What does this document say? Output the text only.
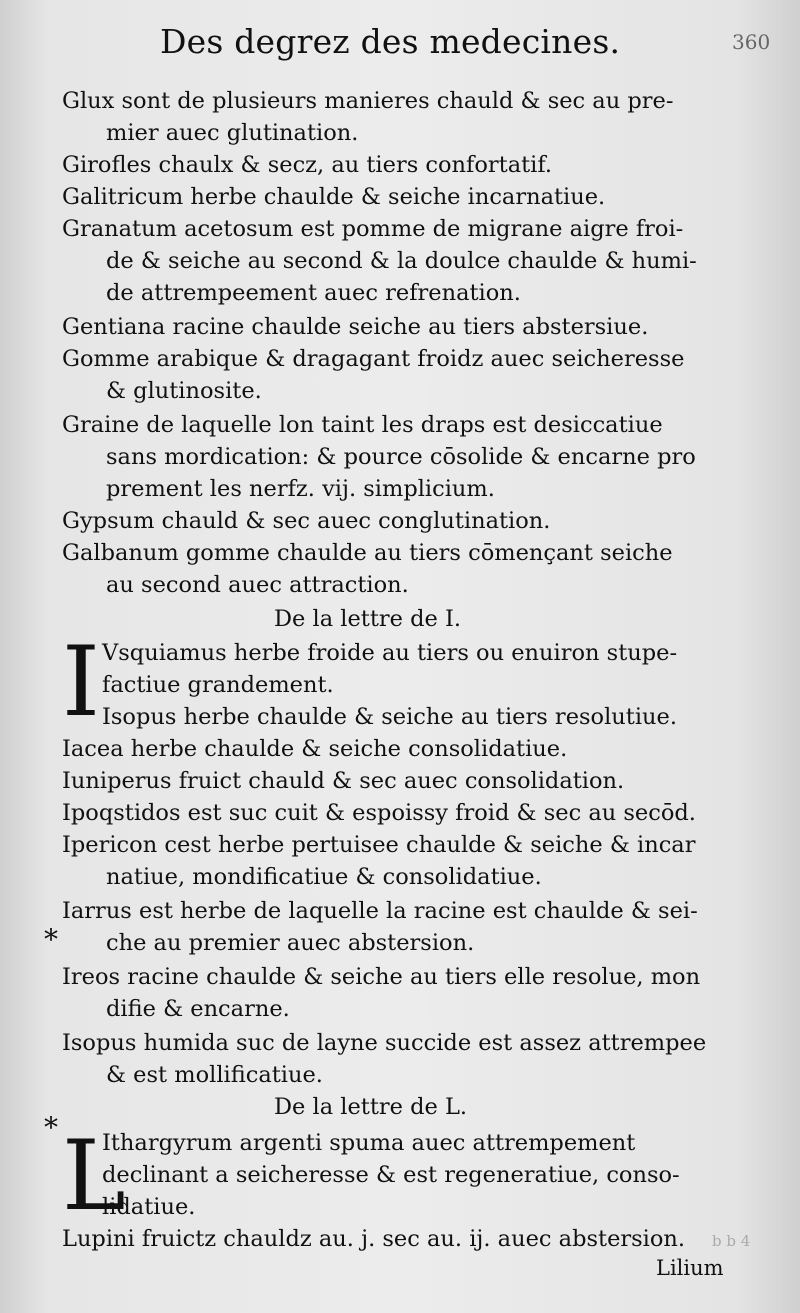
Des degrez des medecines.	360
Glux sont de plusieurs manieres chauld & sec au pre-
mier auec glutination.
Girofles chaulx & secz, au tiers confortatif.
Galitricum herbe chaulde & seiche incarnatiue.
Granatum acetosum est pomme de migrane aigre froi-
de & seiche au second & la doulce chaulde & humi-
de attrempeement auec refrenation.
Gentiana racine chaulde seiche au tiers abstersiue.
Gomme arabique & dragagant froidz auec seicheresse
& glutinosite.
Graine de laquelle lon taint les draps est desiccatiue
sans mordication: & pource cōsolide & encarne pro
prement les nerfz. vij. simplicium.
Gypsum chauld & sec auec conglutination.
Galbanum gomme chaulde au tiers cōmençant seiche
au second auec attraction.
De la lettre de I.
I Vsquiamus herbe froide au tiers ou enuiron stupe-
factiue grandement.
Isopus herbe chaulde & seiche au tiers resolutiue.
Iacea herbe chaulde & seiche consolidatiue.
Iuniperus fruict chauld & sec auec consolidation.
Ipoqstidos est suc cuit & espoissy froid & sec au secōd.
Ipericon cest herbe pertuisee chaulde & seiche & incar
natiue, mondificatiue & consolidatiue.
Iarrus est herbe de laquelle la racine est chaulde & sei-
che au premier auec abstersion.
Ireos racine chaulde & seiche au tiers elle resolue, mon
difie & encarne.
Isopus humida suc de layne succide est assez attrempee
& est mollificatiue.
De la lettre de L.
L
Ithargyrum argenti spuma auec attrempement
declinant a seicheresse & est regeneratiue, conso-
lidatiue.
Lupini fruictz chauldz au. j. sec au. ij. auec abstersion.
*
*
b b 4
Lilium
